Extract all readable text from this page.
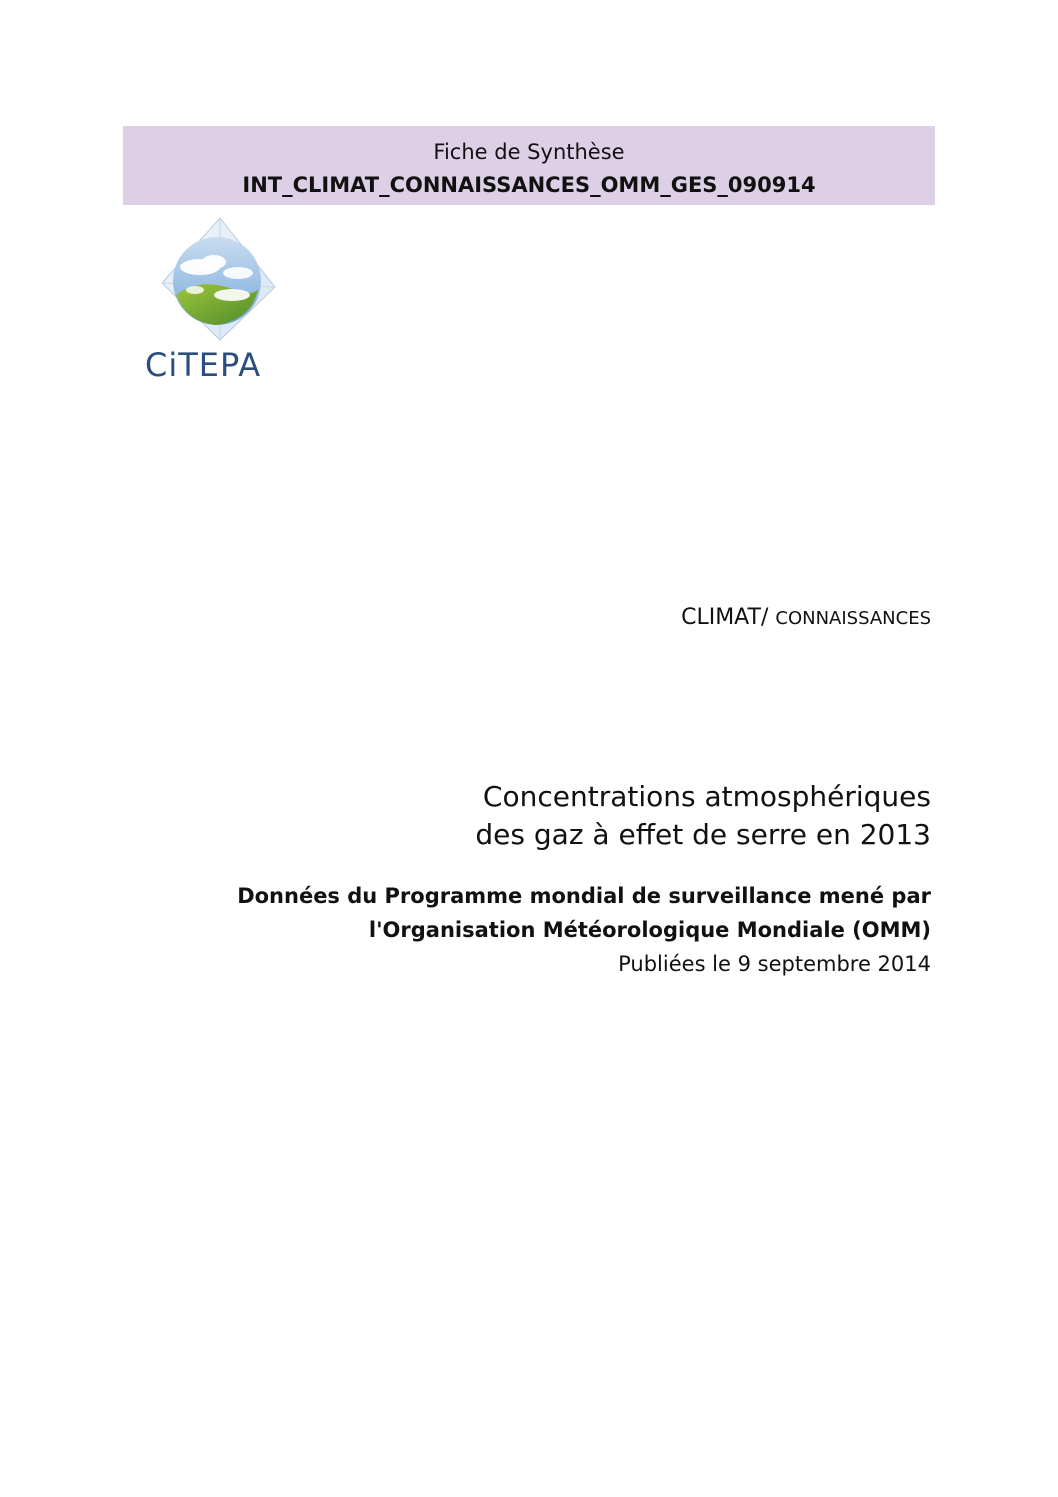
Fiche de Synthèse
INT_CLIMAT_CONNAISSANCES_OMM_GES_090914
CiTEPA
CLIMAT/ CONNAISSANCES
Concentrations atmosphériques
des gaz à effet de serre en 2013
Données du Programme mondial de surveillance mené par
l'Organisation Météorologique Mondiale (OMM)
Publiées le 9 septembre 2014
